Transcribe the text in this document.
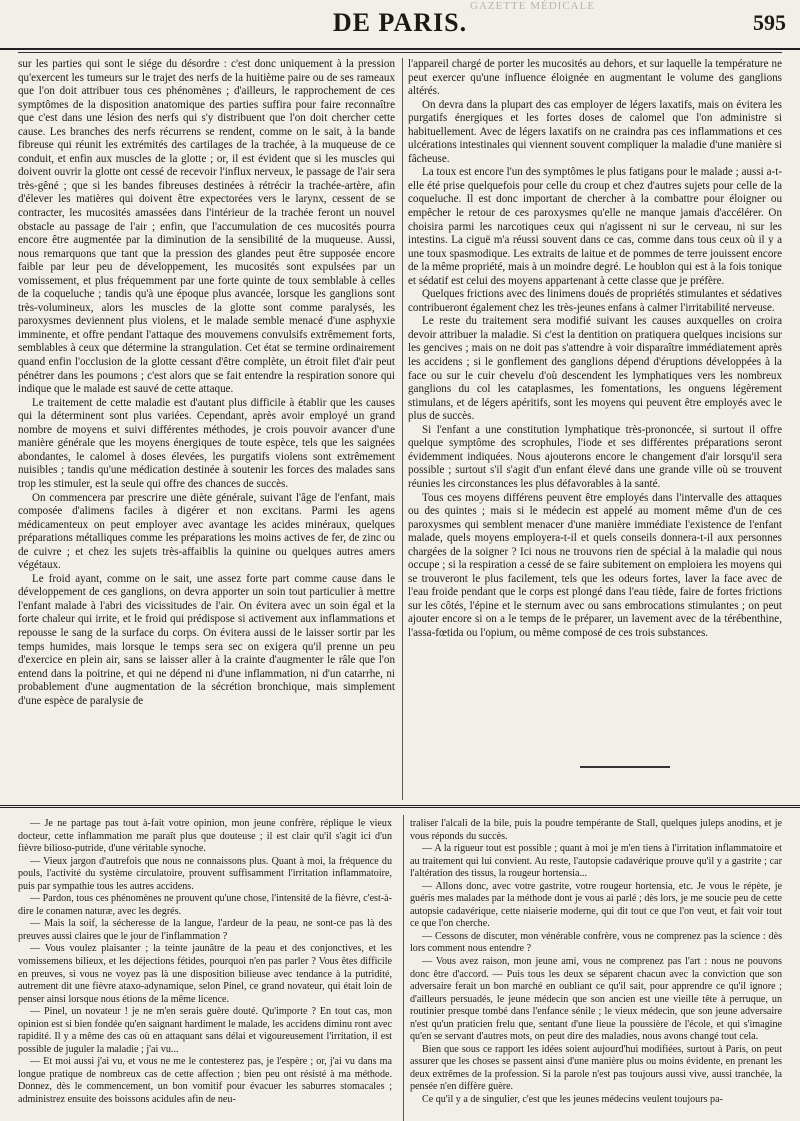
GAZETTE MÉDICALE
DE PARIS.	595

sur les parties qui sont le siége du désordre : c'est donc uniquement à la pression qu'exercent les tumeurs sur le trajet des nerfs de la huitième paire ou de ses rameaux que l'on doit attribuer tous ces phénomènes ; d'ailleurs, le rapprochement de ces symptômes de la disposition anatomique des parties suffira pour faire reconnaître que c'est dans une lésion des nerfs qui s'y distribuent que l'on doit chercher cette cause. Les branches des nerfs récurrens se rendent, comme on le sait, à la bande fibreuse qui réunit les extrémités des cartilages de la trachée, à la muqueuse de ce conduit, et enfin aux muscles de la glotte ; or, il est évident que si les muscles qui doivent ouvrir la glotte ont cessé de recevoir l'influx nerveux, le passage de l'air sera très-gêné ; que si les bandes fibreuses destinées à rétrécir la trachée-artère, afin d'élever les matières qui doivent être expectorées vers le larynx, cessent de se contracter, les mucosités amassées dans l'intérieur de la trachée feront un nouvel obstacle au passage de l'air ; enfin, que l'accumulation de ces mucosités pourra encore être augmentée par la diminution de la sensibilité de la muqueuse. Aussi, nous remarquons que tant que la pression des glandes peut être supposée encore faible par leur peu de développement, les mucosités sont expulsées par un vomissement, et plus fréquemment par une forte quinte de toux semblable à celles de la coqueluche ; tandis qu'à une époque plus avancée, lorsque les ganglions sont très-volumineux, alors les muscles de la glotte sont comme paralysés, les paroxysmes deviennent plus violens, et le malade semble menacé d'une asphyxie imminente, et offre pendant l'attaque des mouvemens convulsifs extrêmement forts, semblables à ceux que détermine la strangulation. Cet état se termine ordinairement quand enfin l'occlusion de la glotte cessant d'être complète, un étroit filet d'air peut pénétrer dans les poumons ; c'est alors que se fait entendre la respiration sonore qui indique que le malade est sauvé de cette attaque.

Le traitement de cette maladie est d'autant plus difficile à établir que les causes qui la déterminent sont plus variées. Cependant, après avoir employé un grand nombre de moyens et suivi différentes méthodes, je crois pouvoir avancer d'une manière générale que les moyens énergiques de toute espèce, tels que les saignées abondantes, le calomel à doses élevées, les purgatifs violens sont extrêmement nuisibles ; tandis qu'une médication destinée à soutenir les forces des malades sans trop les stimuler, est la seule qui offre des chances de succès.

On commencera par prescrire une diète générale, suivant l'âge de l'enfant, mais composée d'alimens faciles à digérer et non excitans. Parmi les agens médicamenteux on peut employer avec avantage les acides minéraux, quelques préparations métalliques comme les préparations les moins actives de fer, de zinc ou de cuivre ; et chez les sujets très-affaiblis la quinine ou quelques autres amers végétaux.

Le froid ayant, comme on le sait, une assez forte part comme cause dans le développement de ces ganglions, on devra apporter un soin tout particulier à mettre l'enfant malade à l'abri des vicissitudes de l'air. On évitera avec un soin égal et la forte chaleur qui irrite, et le froid qui prédispose si activement aux inflammations et repousse le sang de la surface du corps. On évitera aussi de le laisser sortir par les temps humides, mais lorsque le temps sera sec on exigera qu'il prenne un peu d'exercice en plein air, sans se laisser aller à la crainte d'augmenter le râle que l'on entend dans la poitrine, et qui ne dépend ni d'une inflammation, ni d'un catarrhe, ni probablement d'une augmentation de la sécrétion bronchique, mais simplement d'une espèce de paralysie de

l'appareil chargé de porter les mucosités au dehors, et sur laquelle la température ne peut exercer qu'une influence éloignée en augmentant le volume des ganglions altérés.

On devra dans la plupart des cas employer de légers laxatifs, mais on évitera les purgatifs énergiques et les fortes doses de calomel que l'on administre si habituellement. Avec de légers laxatifs on ne craindra pas ces inflammations et ces ulcérations intestinales qui viennent souvent compliquer la maladie d'une manière si fâcheuse.

La toux est encore l'un des symptômes le plus fatigans pour le malade ; aussi a-t-elle été prise quelquefois pour celle du croup et chez d'autres sujets pour celle de la coqueluche. Il est donc important de chercher à la combattre pour éloigner ou empêcher le retour de ces paroxysmes qu'elle ne manque jamais d'accélérer. On choisira parmi les narcotiques ceux qui n'agissent ni sur le cerveau, ni sur les intestins. La ciguë m'a réussi souvent dans ce cas, comme dans tous ceux où il y a une toux spasmodique. Les extraits de laitue et de pommes de terre jouissent encore de la même propriété, mais à un moindre degré. Le houblon qui est à la fois tonique et sédatif est celui des moyens appartenant à cette classe que je préfère.

Quelques frictions avec des linimens doués de propriétés stimulantes et sédatives contribueront également chez les très-jeunes enfans à calmer l'irritabilité nerveuse.

Le reste du traitement sera modifié suivant les causes auxquelles on croira devoir attribuer la maladie. Si c'est la dentition on pratiquera quelques incisions sur les gencives ; mais on ne doit pas s'attendre à voir disparaître immédiatement après les accidens ; si le gonflement des ganglions dépend d'éruptions développées à la face ou sur le cuir chevelu d'où descendent les lymphatiques vers les nombreux ganglions du col les cataplasmes, les fomentations, les onguens légèrement stimulans, et de légers apéritifs, sont les moyens qui peuvent être employés avec le plus de succès.

Si l'enfant a une constitution lymphatique très-prononcée, si surtout il offre quelque symptôme des scrophules, l'iode et ses différentes préparations seront évidemment indiquées. Nous ajouterons encore le changement d'air lorsqu'il sera possible ; surtout s'il s'agit d'un enfant élevé dans une grande ville où se trouvent réunies les circonstances les plus défavorables à la santé.

Tous ces moyens différens peuvent être employés dans l'intervalle des attaques ou des quintes ; mais si le médecin est appelé au moment même d'un de ces paroxysmes qui semblent menacer d'une manière immédiate l'existence de l'enfant malade, quels moyens employera-t-il et quels conseils donnera-t-il aux personnes chargées de la soigner ? Ici nous ne trouvons rien de spécial à la maladie qui nous occupe ; si la respiration a cessé de se faire subitement on emploiera les moyens qui se trouveront le plus facilement, tels que les odeurs fortes, laver la face avec de l'eau froide pendant que le corps est plongé dans l'eau tiède, faire de fortes frictions sur les côtés, l'épine et le sternum avec ou sans embrocations stimulantes ; on peut ajouter encore si on a le temps de le préparer, un lavement avec de la térébenthine, l'assa-fœtida ou l'opium, ou même composé de ces trois substances.

— Je ne partage pas tout à-fait votre opinion, mon jeune confrère, réplique le vieux docteur, cette inflammation me paraît plus que douteuse ; il est clair qu'il s'agit ici d'un fièvre bilioso-putride, d'une véritable synoche.

— Vieux jargon d'autrefois que nous ne connaissons plus. Quant à moi, la fréquence du pouls, l'activité du système circulatoire, prouvent suffisamment l'irritation inflammatoire, puis par sympathie tous les autres accidens.

— Pardon, tous ces phénomènes ne prouvent qu'une chose, l'intensité de la fièvre, c'est-à-dire le conamen naturæ, avec les degrés.

— Mais la soif, la sécheresse de la langue, l'ardeur de la peau, ne sont-ce pas là des preuves aussi claires que le jour de l'inflammation ?

— Vous voulez plaisanter ; la teinte jaunâtre de la peau et des conjonctives, et les vomissemens bilieux, et les déjections fétides, pourquoi n'en pas parler ? Vous êtes difficile en preuves, si vous ne voyez pas là une disposition bilieuse avec tendance à la putridité, autrement dit une fièvre ataxo-adynamique, selon Pinel, ce grand novateur, qui était loin de penser ainsi lorsque nous étions de la même licence.

— Pinel, un novateur ! je ne m'en serais guère douté. Qu'importe ? En tout cas, mon opinion est si bien fondée qu'en saignant hardiment le malade, les accidens diminu ront avec rapidité. Il y a même des cas où en attaquant sans délai et vigoureusement l'irritation, il est possible de juguler la maladie ; j'ai vu...

— Et moi aussi j'ai vu, et vous ne me le contesterez pas, je l'espère ; or, j'ai vu dans ma longue pratique de nombreux cas de cette affection ; bien peu ont résisté à ma méthode. Donnez, dès le commencement, un bon vomitif pour évacuer les saburres stomacales ; administrez ensuite des boissons acidules afin de neu-

traliser l'alcali de la bile, puis la poudre tempérante de Stall, quelques juleps anodins, et je vous réponds du succès.

— A la rigueur tout est possible ; quant à moi je m'en tiens à l'irritation inflammatoire et au traitement qui lui convient. Au reste, l'autopsie cadavérique prouve qu'il y a gastrite ; car l'altération des tissus, la rougeur hortensia...

— Allons donc, avec votre gastrite, votre rougeur hortensia, etc. Je vous le répète, je guéris mes malades par la méthode dont je vous ai parlé ; dès lors, je me soucie peu de cette autopsie cadavérique, cette niaiserie moderne, qui dit tout ce que l'on veut, et fait voir tout ce que l'on cherche.

— Cessons de discuter, mon vénérable confrère, vous ne comprenez pas la science : dès lors comment nous entendre ?

— Vous avez raison, mon jeune ami, vous ne comprenez pas l'art : nous ne pouvons donc être d'accord. — Puis tous les deux se séparent chacun avec la conviction que son adversaire ferait un bon marché en oubliant ce qu'il sait, pour apprendre ce qu'il ignore ; d'ailleurs persuadés, le jeune médecin que son ancien est une vieille tête à perruque, un routinier presque tombé dans l'enfance sénile ; le vieux médecin, que son jeune adversaire n'est qu'un praticien frelu que, sentant d'une lieue la poussière de l'école, et qui s'imagine qu'en se servant d'autres mots, on peut dire des maladies, nous avons changé tout cela.

Bien que sous ce rapport les idées soient aujourd'hui modifiées, surtout à Paris, on peut assurer que les choses se passent ainsi d'une manière plus ou moins évidente, en prenant les deux extrêmes de la profession. Si la parole n'est pas toujours aussi vive, aussi tranchée, la pensée n'en diffère guère.

Ce qu'il y a de singulier, c'est que les jeunes médecins veulent toujours pa-
